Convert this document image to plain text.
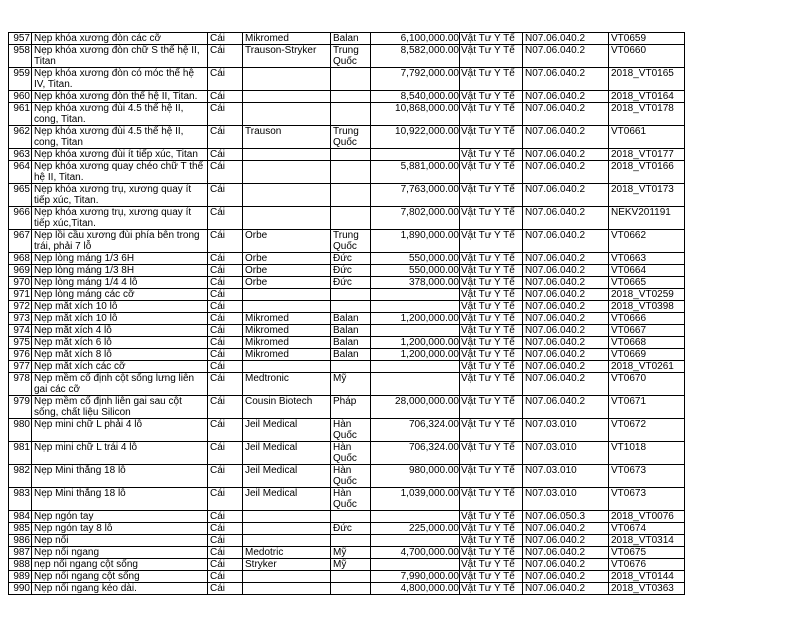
957	Nẹp khóa xương đòn các cỡ	Cái	Mikromed	Balan	6,100,000.00	Vật Tư Y Tế	N07.06.040.2	VT0659
958	Nẹp khóa xương đòn chữ S thế hệ II, Titan	Cái	Trauson-Stryker	Trung Quốc	8,582,000.00	Vật Tư Y Tế	N07.06.040.2	VT0660
959	Nẹp khóa xương đòn có móc thế hệ IV, Titan.	Cái			7,792,000.00	Vật Tư Y Tế	N07.06.040.2	2018_VT0165
960	Nẹp khóa xương đòn thế hệ II, Titan.	Cái			8,540,000.00	Vật Tư Y Tế	N07.06.040.2	2018_VT0164
961	Nẹp khóa xương đùi 4.5 thế hệ II, cong, Titan.	Cái			10,868,000.00	Vật Tư Y Tế	N07.06.040.2	2018_VT0178
962	Nẹp khóa xương đùi 4.5 thế hệ II, cong, Titan	Cái	Trauson	Trung Quốc	10,922,000.00	Vật Tư Y Tế	N07.06.040.2	VT0661
963	Nẹp khóa xương đùi ít tiếp xúc, Titan	Cái				Vật Tư Y Tế	N07.06.040.2	2018_VT0177
964	Nẹp khóa xương quay chéo chữ T thế hệ II, Titan.	Cái			5,881,000.00	Vật Tư Y Tế	N07.06.040.2	2018_VT0166
965	Nẹp khóa xương trụ, xương quay ít tiếp xúc, Titan.	Cái			7,763,000.00	Vật Tư Y Tế	N07.06.040.2	2018_VT0173
966	Nẹp khóa xương trụ, xương quay ít tiếp xúc,Titan.	Cái			7,802,000.00	Vật Tư Y Tế	N07.06.040.2	NEKV201191
967	Nẹp lồi cầu xương đùi phía bên trong trái, phải 7 lỗ	Cái	Orbe	Trung Quốc	1,890,000.00	Vật Tư Y Tế	N07.06.040.2	VT0662
968	Nẹp lòng máng 1/3 6H	Cái	Orbe	Đức	550,000.00	Vật Tư Y Tế	N07.06.040.2	VT0663
969	Nẹp lòng máng 1/3 8H	Cái	Orbe	Đức	550,000.00	Vật Tư Y Tế	N07.06.040.2	VT0664
970	Nẹp lòng máng 1/4 4 lỗ	Cái	Orbe	Đức	378,000.00	Vật Tư Y Tế	N07.06.040.2	VT0665
971	Nẹp lòng máng các cỡ	Cái				Vật Tư Y Tế	N07.06.040.2	2018_VT0259
972	Nẹp mắt xích 10 lỗ	Cái				Vật Tư Y Tế	N07.06.040.2	2018_VT0398
973	Nẹp mắt xích 10 lỗ	Cái	Mikromed	Balan	1,200,000.00	Vật Tư Y Tế	N07.06.040.2	VT0666
974	Nẹp mắt xích 4 lỗ	Cái	Mikromed	Balan		Vật Tư Y Tế	N07.06.040.2	VT0667
975	Nẹp mắt xích 6 lỗ	Cái	Mikromed	Balan	1,200,000.00	Vật Tư Y Tế	N07.06.040.2	VT0668
976	Nẹp mắt xích 8 lỗ	Cái	Mikromed	Balan	1,200,000.00	Vật Tư Y Tế	N07.06.040.2	VT0669
977	Nẹp mắt xích các cỡ	Cái				Vật Tư Y Tế	N07.06.040.2	2018_VT0261
978	Nẹp mềm cố định cột sống lưng liên gai các cỡ	Cái	Medtronic	Mỹ		Vật Tư Y Tế	N07.06.040.2	VT0670
979	Nẹp mềm cố định liên gai sau cột sống, chất liệu Silicon	Cái	Cousin Biotech	Pháp	28,000,000.00	Vật Tư Y Tế	N07.06.040.2	VT0671
980	Nẹp mini chữ L phải 4 lỗ	Cái	Jeil Medical	Hàn Quốc	706,324.00	Vật Tư Y Tế	N07.03.010	VT0672
981	Nẹp mini chữ L trái 4 lỗ	Cái	Jeil Medical	Hàn Quốc	706,324.00	Vật Tư Y Tế	N07.03.010	VT1018
982	Nẹp Mini thẳng 18 lỗ	Cái	Jeil Medical	Hàn Quốc	980,000.00	Vật Tư Y Tế	N07.03.010	VT0673
983	Nẹp Mini thẳng 18 lỗ	Cái	Jeil Medical	Hàn Quốc	1,039,000.00	Vật Tư Y Tế	N07.03.010	VT0673
984	Nẹp ngón tay	Cái				Vật Tư Y Tế	N07.06.050.3	2018_VT0076
985	Nẹp ngón tay 8 lỗ	Cái		Đức	225,000.00	Vật Tư Y Tế	N07.06.040.2	VT0674
986	Nẹp nối	Cái				Vật Tư Y Tế	N07.06.040.2	2018_VT0314
987	Nẹp nối ngang	Cái	Medotric	Mỹ	4,700,000.00	Vật Tư Y Tế	N07.06.040.2	VT0675
988	nẹp nối ngang cột sống	Cái	Stryker	Mỹ		Vật Tư Y Tế	N07.06.040.2	VT0676
989	Nẹp nối ngang cột sống	Cái			7,990,000.00	Vật Tư Y Tế	N07.06.040.2	2018_VT0144
990	Nẹp nối ngang kéo dài.	Cái			4,800,000.00	Vật Tư Y Tế	N07.06.040.2	2018_VT0363
